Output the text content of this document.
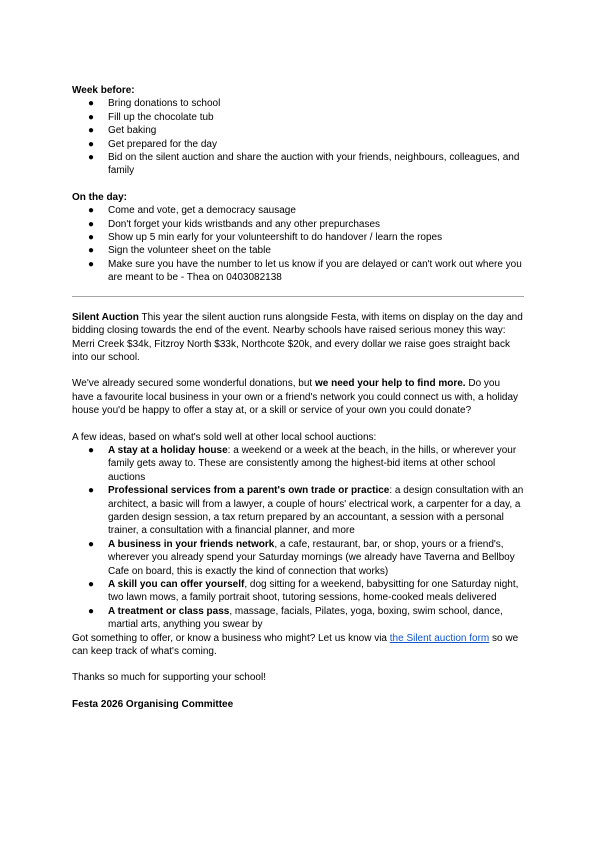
Week before:

● Bring donations to school
● Fill up the chocolate tub
● Get baking
● Get prepared for the day
● Bid on the silent auction and share the auction with your friends, neighbours, colleagues, and family

On the day:

● Come and vote, get a democracy sausage
● Don't forget your kids wristbands and any other prepurchases
● Show up 5 min early for your volunteershift to do handover / learn the ropes
● Sign the volunteer sheet on the table
● Make sure you have the number to let us know if you are delayed or can't work out where you are meant to be - Thea on 0403082138

Silent Auction This year the silent auction runs alongside Festa, with items on display on the day and bidding closing towards the end of the event. Nearby schools have raised serious money this way: Merri Creek $34k, Fitzroy North $33k, Northcote $20k, and every dollar we raise goes straight back into our school.

We've already secured some wonderful donations, but we need your help to find more. Do you have a favourite local business in your own or a friend's network you could connect us with, a holiday house you'd be happy to offer a stay at, or a skill or service of your own you could donate?

A few ideas, based on what's sold well at other local school auctions:

● A stay at a holiday house: a weekend or a week at the beach, in the hills, or wherever your family gets away to. These are consistently among the highest-bid items at other school auctions
● Professional services from a parent's own trade or practice: a design consultation with an architect, a basic will from a lawyer, a couple of hours' electrical work, a carpenter for a day, a garden design session, a tax return prepared by an accountant, a session with a personal trainer, a consultation with a financial planner, and more
● A business in your friends network, a cafe, restaurant, bar, or shop, yours or a friend's, wherever you already spend your Saturday mornings (we already have Taverna and Bellboy Cafe on board, this is exactly the kind of connection that works)
● A skill you can offer yourself, dog sitting for a weekend, babysitting for one Saturday night, two lawn mows, a family portrait shoot, tutoring sessions, home-cooked meals delivered
● A treatment or class pass, massage, facials, Pilates, yoga, boxing, swim school, dance, martial arts, anything you swear by

Got something to offer, or know a business who might? Let us know via the Silent auction form so we can keep track of what's coming.

Thanks so much for supporting your school!

Festa 2026 Organising Committee
